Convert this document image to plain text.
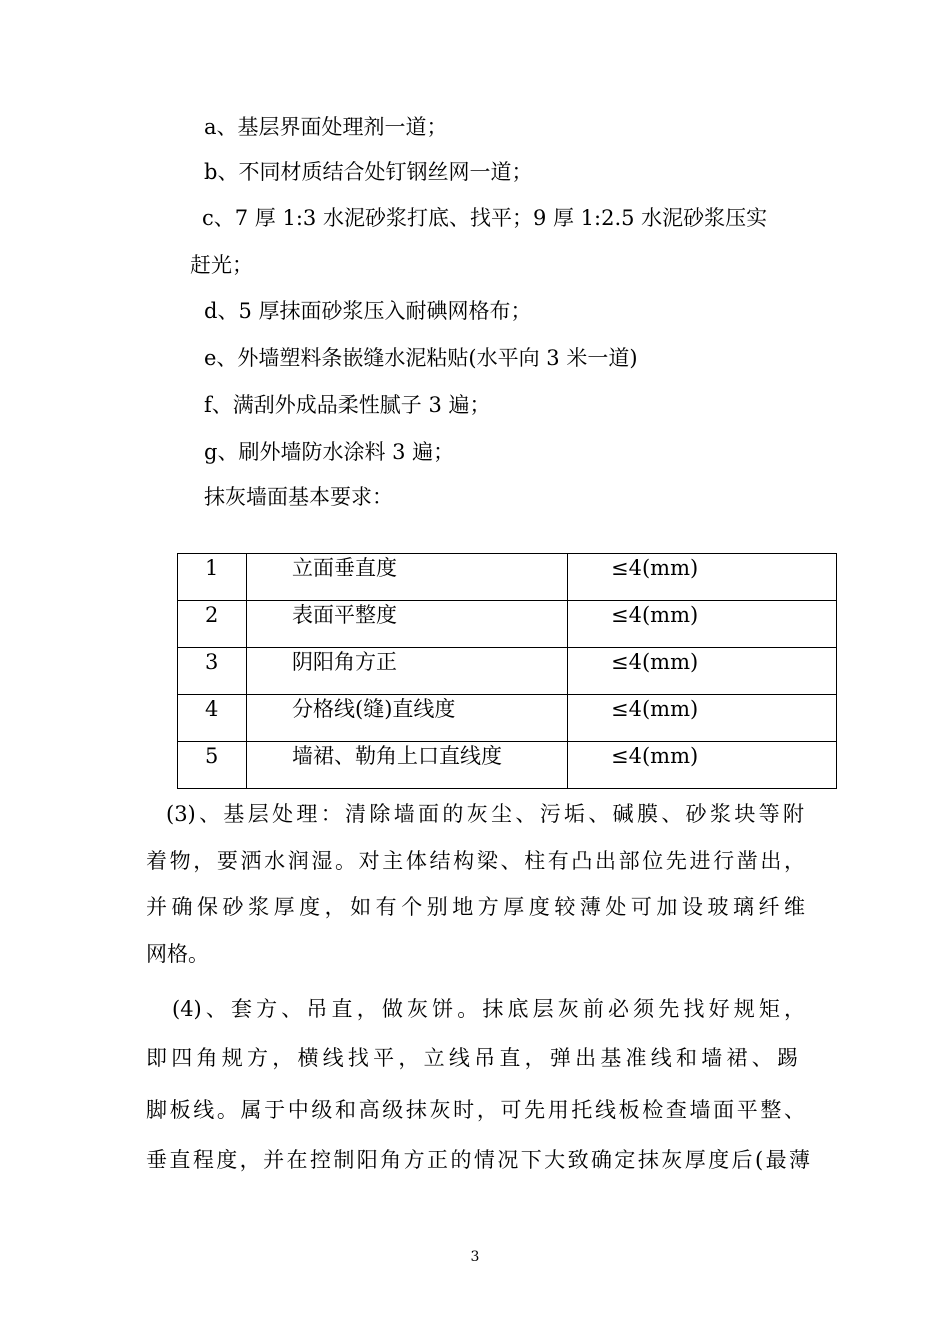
a、基层界面处理剂一道；
b、不同材质结合处钉钢丝网一道；
c、7 厚 1:3 水泥砂浆打底、找平；9 厚 1:2.5 水泥砂浆压实
赶光；
d、5 厚抹面砂浆压入耐碘网格布；
e、外墙塑料条嵌缝水泥粘贴(水平向 3 米一道)
f、满刮外成品柔性腻子 3 遍；
g、刷外墙防水涂料 3 遍；
抹灰墙面基本要求：
1	立面垂直度	≤4(mm)

2	表面平整度	≤4(mm)

3	阴阳角方正	≤4(mm)

4	分格线(缝)直线度	≤4(mm)

5	墙裙、勒角上口直线度	≤4(mm)
(3)、基层处理：清除墙面的灰尘、污垢、碱膜、砂浆块等附
着物，要洒水润湿。对主体结构梁、柱有凸出部位先进行凿出，
并确保砂浆厚度，如有个别地方厚度较薄处可加设玻璃纤维
网格。
(4)、套方、吊直，做灰饼。抹底层灰前必须先找好规矩，
即四角规方，横线找平，立线吊直，弹出基准线和墙裙、踢
脚板线。属于中级和高级抹灰时，可先用托线板检查墙面平整、
垂直程度，并在控制阳角方正的情况下大致确定抹灰厚度后(最薄
3
